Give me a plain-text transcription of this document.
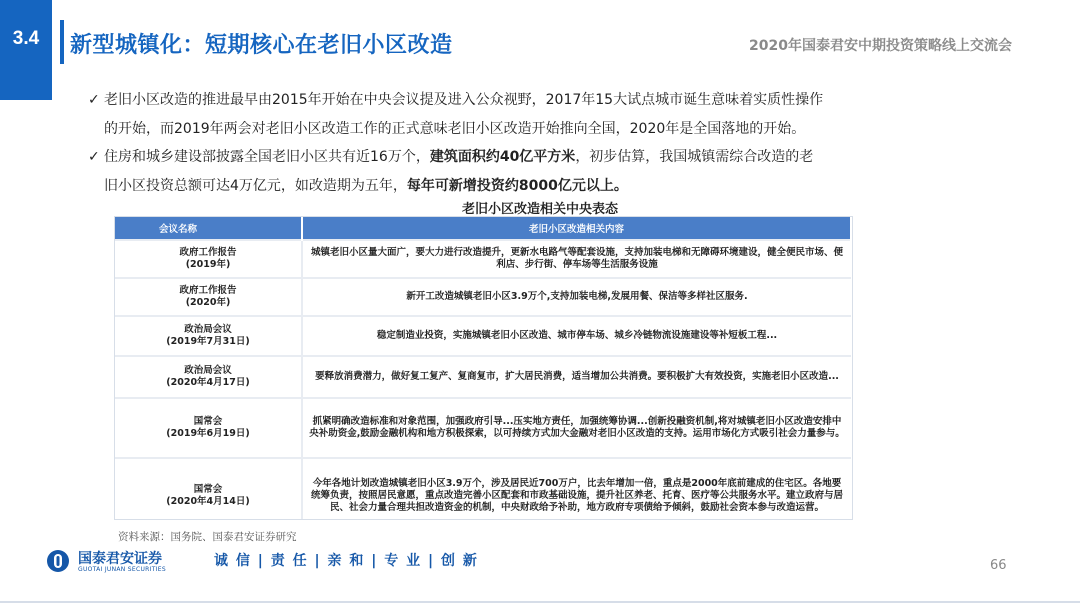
3.4	新型城镇化：短期核心在老旧小区改造	2020年国泰君安中期投资策略线上交流会
✓ 老旧小区改造的推进最早由2015年开始在中央会议提及进入公众视野，2017年15大试点城市诞生意味着实质性操作
的开始，而2019年两会对老旧小区改造工作的正式意味老旧小区改造开始推向全国，2020年是全国落地的开始。
✓ 住房和城乡建设部披露全国老旧小区共有近16万个，建筑面积约40亿平方米，初步估算，我国城镇需综合改造的老
旧小区投资总额可达4万亿元，如改造期为五年，每年可新增投资约8000亿元以上。
老旧小区改造相关中央表态
会议名称	老旧小区改造相关内容

政府工作报告
(2019年)	城镇老旧小区量大面广，要大力进行改造提升，更新水电路气等配套设施，支持加装电梯和无障碍环境建设，健全便民市场、便利店、步行街、停车场等生活服务设施

政府工作报告
(2020年)	新开工改造城镇老旧小区3.9万个,支持加装电梯,发展用餐、保洁等多样社区服务.

政治局会议
(2019年7月31日)	稳定制造业投资，实施城镇老旧小区改造、城市停车场、城乡冷链物流设施建设等补短板工程...

政治局会议
(2020年4月17日)	要释放消费潜力，做好复工复产、复商复市，扩大居民消费，适当增加公共消费。要积极扩大有效投资，实施老旧小区改造...

国常会
(2019年6月19日)	抓紧明确改造标准和对象范围，加强政府引导...压实地方责任，加强统筹协调...创新投融资机制,将对城镇老旧小区改造安排中央补助资金,鼓励金融机构和地方积极探索，以可持续方式加大金融对老旧小区改造的支持。运用市场化方式吸引社会力量参与。

国常会
(2020年4月14日)	今年各地计划改造城镇老旧小区3.9万个，涉及居民近700万户，比去年增加一倍，重点是2000年底前建成的住宅区。各地要统筹负责，按照居民意愿，重点改造完善小区配套和市政基础设施，提升社区养老、托育、医疗等公共服务水平。建立政府与居民、社会力量合理共担改造资金的机制，中央财政给予补助，地方政府专项债给予倾斜，鼓励社会资本参与改造运营。
资料来源：国务院、国泰君安证券研究
国泰君安证券
GUOTAI JUNAN SECURITIES
诚 信 | 责 任 | 亲 和 | 专 业 | 创 新	66
